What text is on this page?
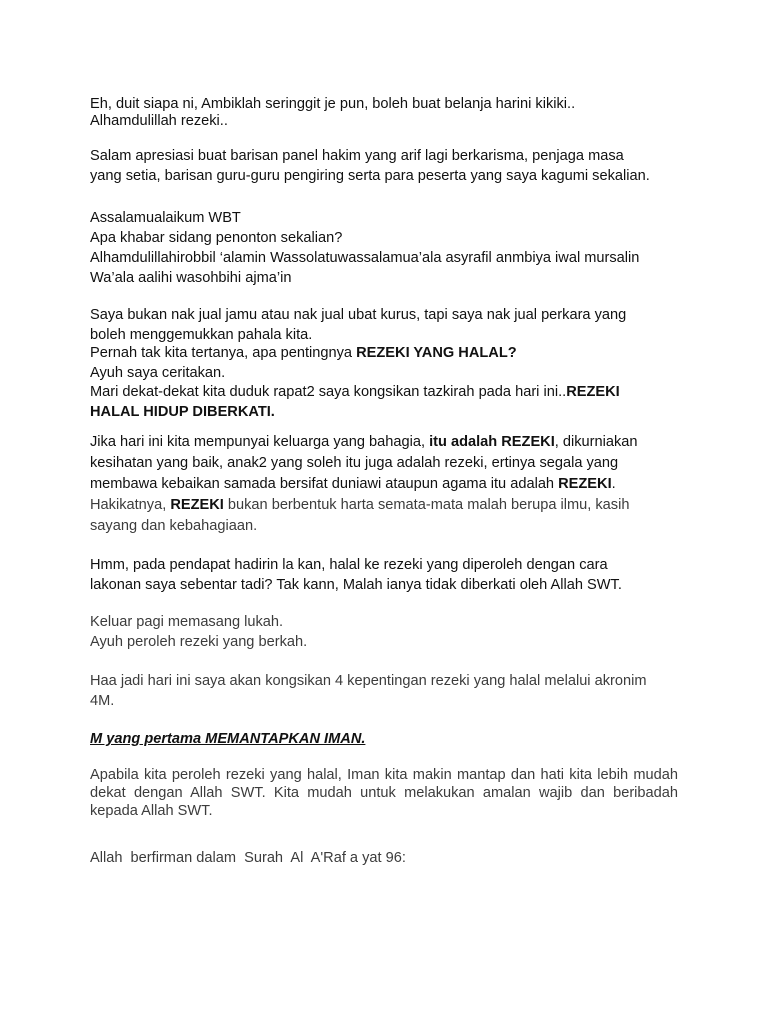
Eh, duit siapa ni, Ambiklah seringgit je pun, boleh buat belanja harini kikiki..
Alhamdulillah rezeki..
Salam apresiasi buat barisan panel hakim yang arif lagi berkarisma, penjaga masa
yang setia, barisan guru-guru pengiring serta para peserta yang saya kagumi sekalian.
Assalamualaikum WBT
Apa khabar sidang penonton sekalian?
Alhamdulillahirobbil ‘alamin Wassolatuwassalamua’ala asyrafil anmbiya iwal mursalin
Wa’ala aalihi wasohbihi ajma’in
Saya bukan nak jual jamu atau nak jual ubat kurus, tapi saya nak jual perkara yang
boleh menggemukkan pahala kita.
Pernah tak kita tertanya, apa pentingnya REZEKI YANG HALAL?
Ayuh saya ceritakan.
Mari dekat-dekat kita duduk rapat2 saya kongsikan tazkirah pada hari ini..REZEKI
HALAL HIDUP DIBERKATI.
Jika hari ini kita mempunyai keluarga yang bahagia, itu adalah REZEKI, dikurniakan
kesihatan yang baik, anak2 yang soleh itu juga adalah rezeki, ertinya segala yang
membawa kebaikan samada bersifat duniawi ataupun agama itu adalah REZEKI.
Hakikatnya, REZEKI bukan berbentuk harta semata-mata malah berupa ilmu, kasih
sayang dan kebahagiaan.
Hmm, pada pendapat hadirin la kan, halal ke rezeki yang diperoleh dengan cara
lakonan saya sebentar tadi? Tak kann, Malah ianya tidak diberkati oleh Allah SWT.
Keluar pagi memasang lukah.
Ayuh peroleh rezeki yang berkah.
Haa jadi hari ini saya akan kongsikan 4 kepentingan rezeki yang halal melalui akronim
4M.
M yang pertama MEMANTAPKAN IMAN.
Apabila kita peroleh rezeki yang halal, Iman kita makin mantap dan hati kita lebih mudah dekat dengan Allah SWT. Kita mudah untuk melakukan amalan wajib dan beribadah kepada Allah SWT.
Allah  berfirman dalam  Surah  Al  A'Raf a yat 96:
